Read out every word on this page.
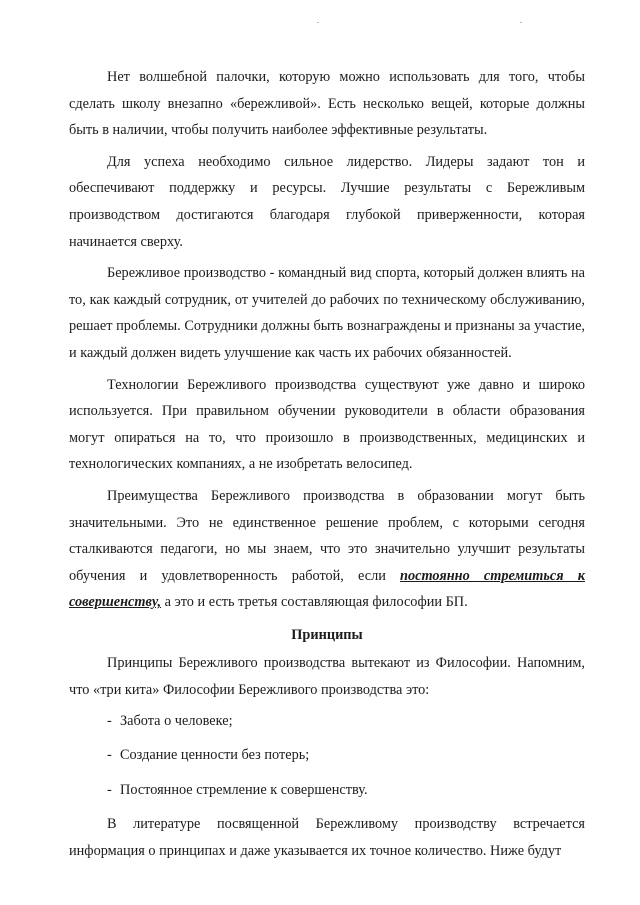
Нет волшебной палочки, которую можно использовать для того, чтобы сделать школу внезапно «бережливой». Есть несколько вещей, которые должны быть в наличии, чтобы получить наиболее эффективные результаты.

Для успеха необходимо сильное лидерство. Лидеры задают тон и обеспечивают поддержку и ресурсы. Лучшие результаты с Бережливым производством достигаются благодаря глубокой приверженности, которая начинается сверху.

Бережливое производство - командный вид спорта, который должен влиять на то, как каждый сотрудник, от учителей до рабочих по техническому обслуживанию, решает проблемы. Сотрудники должны быть вознаграждены и признаны за участие, и каждый должен видеть улучшение как часть их рабочих обязанностей.

Технологии Бережливого производства существуют уже давно и широко используется. При правильном обучении руководители в области образования могут опираться на то, что произошло в производственных, медицинских и технологических компаниях, а не изобретать велосипед.

Преимущества Бережливого производства в образовании могут быть значительными. Это не единственное решение проблем, с которыми сегодня сталкиваются педагоги, но мы знаем, что это значительно улучшит результаты обучения и удовлетворенность работой, если постоянно стремиться к совершенству, а это и есть третья составляющая философии БП.

Принципы

Принципы Бережливого производства вытекают из Философии. Напомним, что «три кита» Философии Бережливого производства это:

- Забота о человеке;
- Создание ценности без потерь;
- Постоянное стремление к совершенству.

В литературе посвященной Бережливому производству встречается информация о принципах и даже указывается их точное количество. Ниже будут
